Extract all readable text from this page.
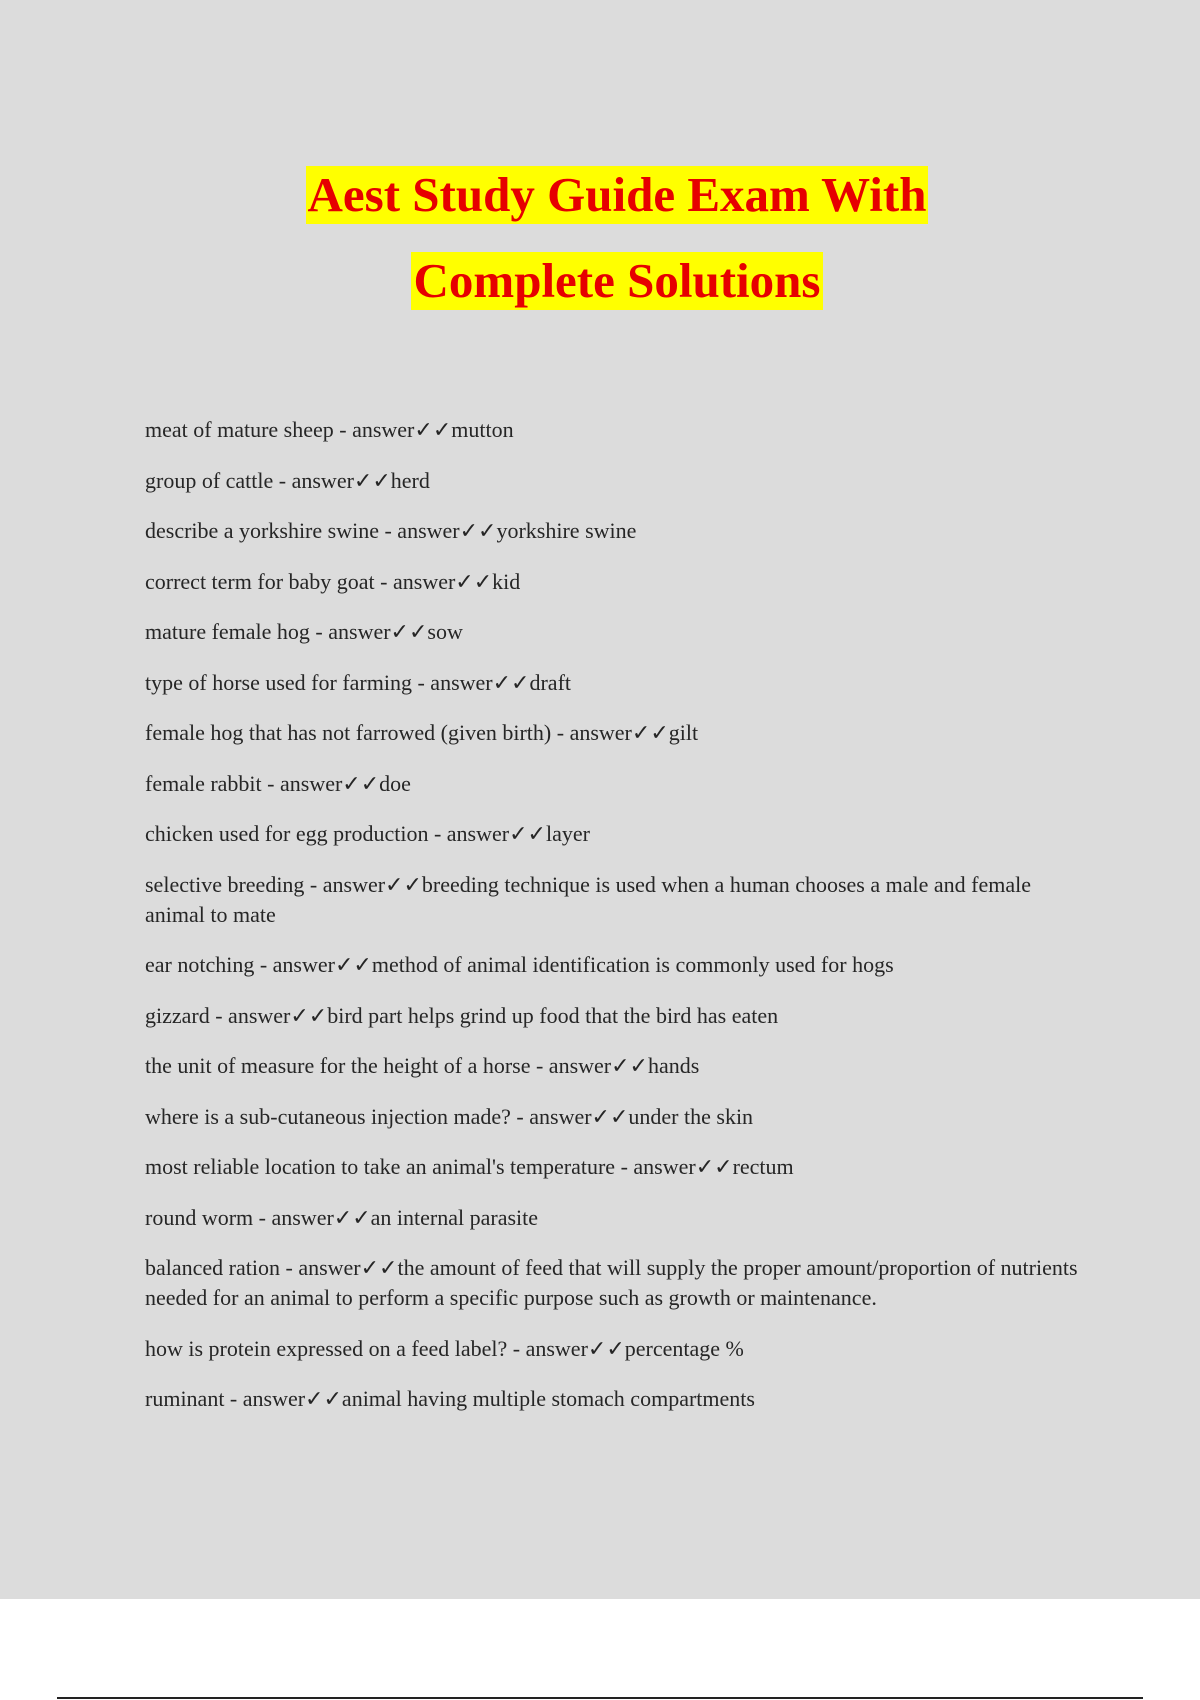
Aest Study Guide Exam With
Complete Solutions
meat of mature sheep - answer✓✓mutton
group of cattle - answer✓✓herd
describe a yorkshire swine - answer✓✓yorkshire swine
correct term for baby goat - answer✓✓kid
mature female hog - answer✓✓sow
type of horse used for farming - answer✓✓draft
female hog that has not farrowed (given birth) - answer✓✓gilt
female rabbit - answer✓✓doe
chicken used for egg production - answer✓✓layer
selective breeding - answer✓✓breeding technique is used when a human chooses a male and female animal to mate
ear notching - answer✓✓method of animal identification is commonly used for hogs
gizzard - answer✓✓bird part helps grind up food that the bird has eaten
the unit of measure for the height of a horse - answer✓✓hands
where is a sub-cutaneous injection made? - answer✓✓under the skin
most reliable location to take an animal's temperature - answer✓✓rectum
round worm - answer✓✓an internal parasite
balanced ration - answer✓✓the amount of feed that will supply the proper amount/proportion of nutrients needed for an animal to perform a specific purpose such as growth or maintenance.
how is protein expressed on a feed label? - answer✓✓percentage %
ruminant - answer✓✓animal having multiple stomach compartments
